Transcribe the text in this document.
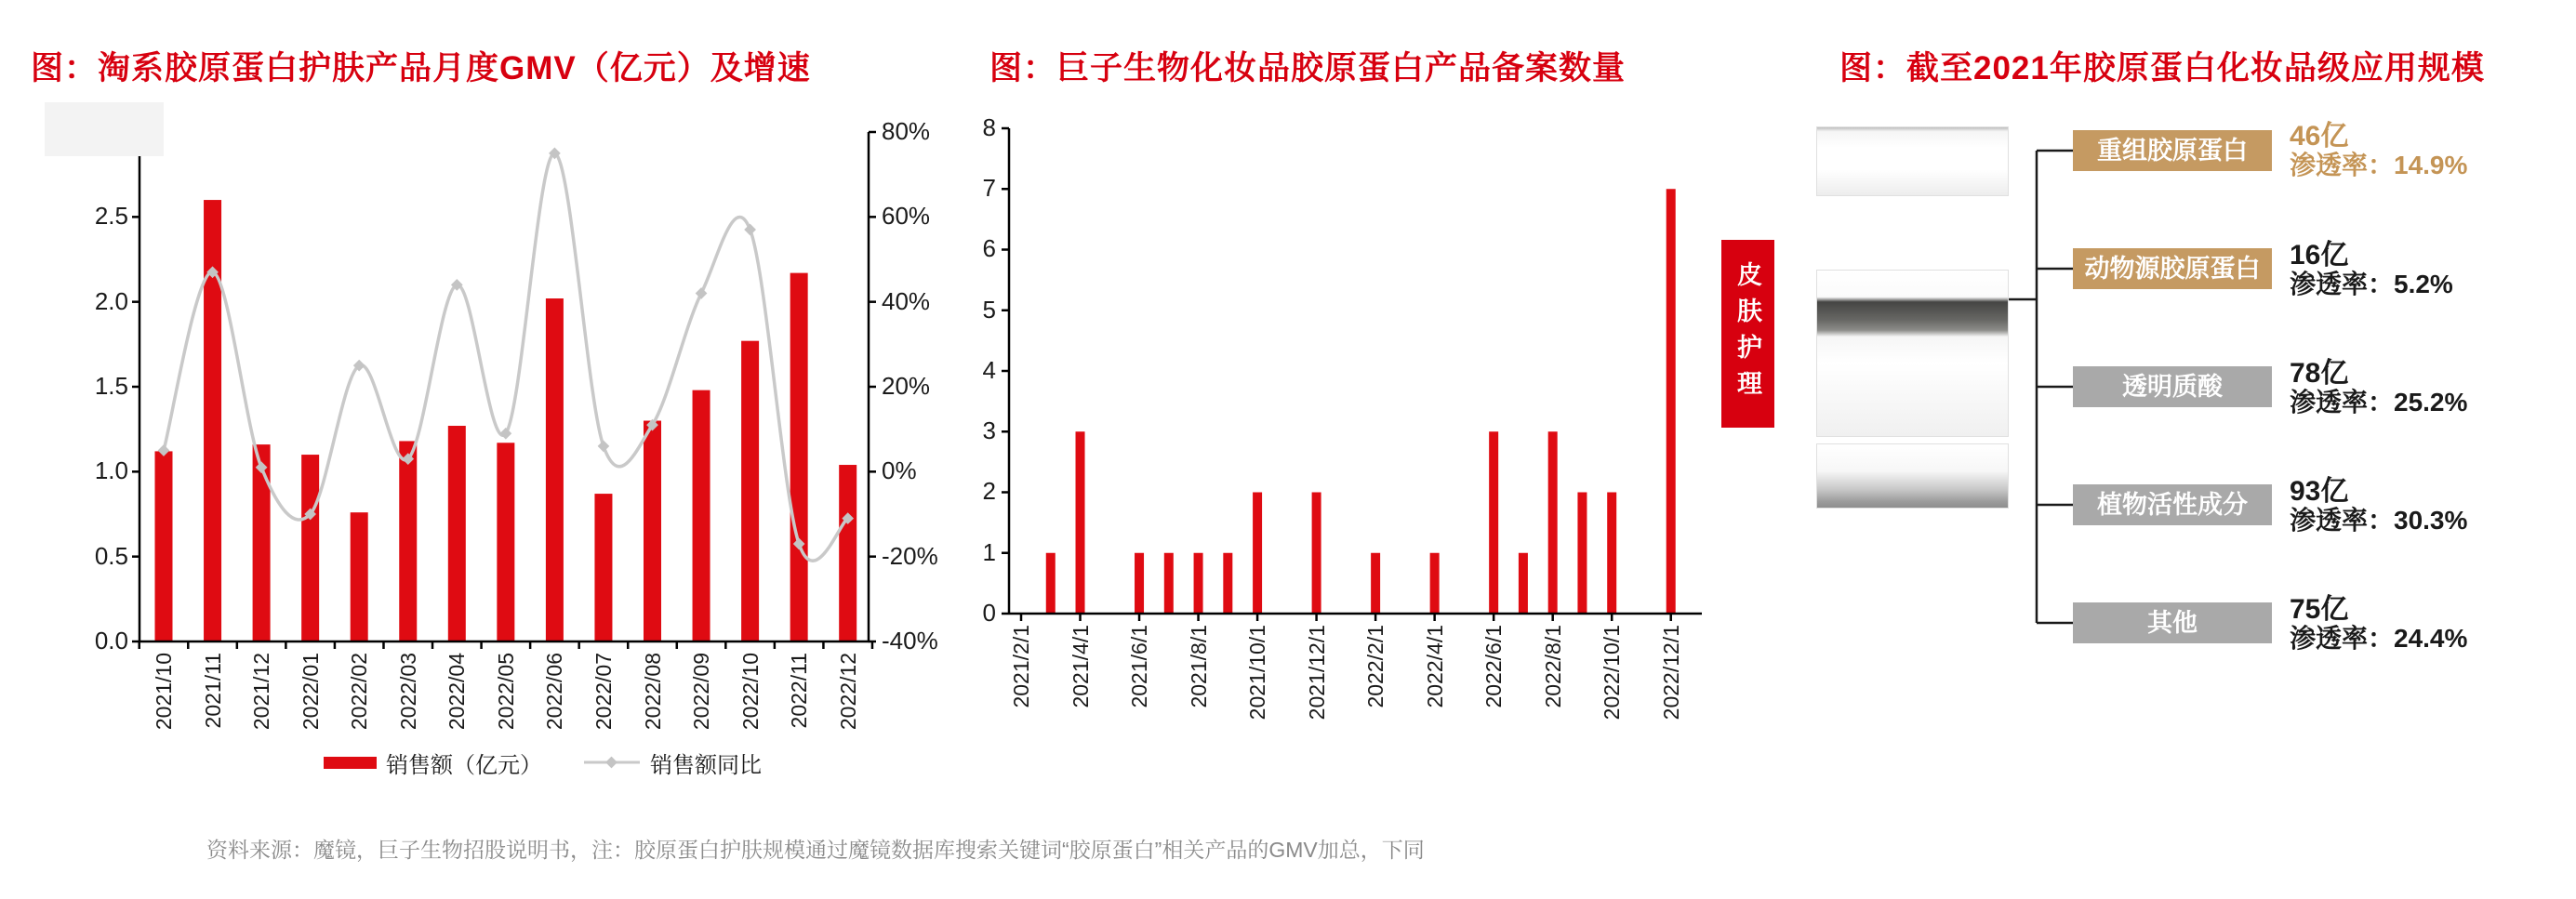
图：淘系胶原蛋白护肤产品月度GMV（亿元）及增速	图：巨子生物化妆品胶原蛋白产品备案数量	图：截至2021年胶原蛋白化妆品级应用规模
0.0
0.5
1.0
1.5
2.0
2.5
-40%
-20%
0%
20%
40%
60%
80%
2021/10 2021/11 2021/12 2022/01 2022/02 2022/03 2022/04 2022/05 2022/06 2022/07 2022/08 2022/09 2022/10 2022/11 2022/12
0
1
2
3
4
5
6
7
8
2021/2/1 2021/4/1 2021/6/1 2021/8/1 2021/10/1 2021/12/1 2022/2/1 2022/4/1 2022/6/1 2022/8/1 2022/10/1 2022/12/1
销售额（亿元）	销售额同比
皮肤护理
重组胶原蛋白
动物源胶原蛋白
透明质酸
植物活性成分
其他
46亿
渗透率：14.9%
16亿
渗透率：5.2%
78亿
渗透率：25.2%
93亿
渗透率：30.3%
75亿
渗透率：24.4%
资料来源：魔镜，巨子生物招股说明书，注：胶原蛋白护肤规模通过魔镜数据库搜索关键词“胶原蛋白”相关产品的GMV加总，下同
